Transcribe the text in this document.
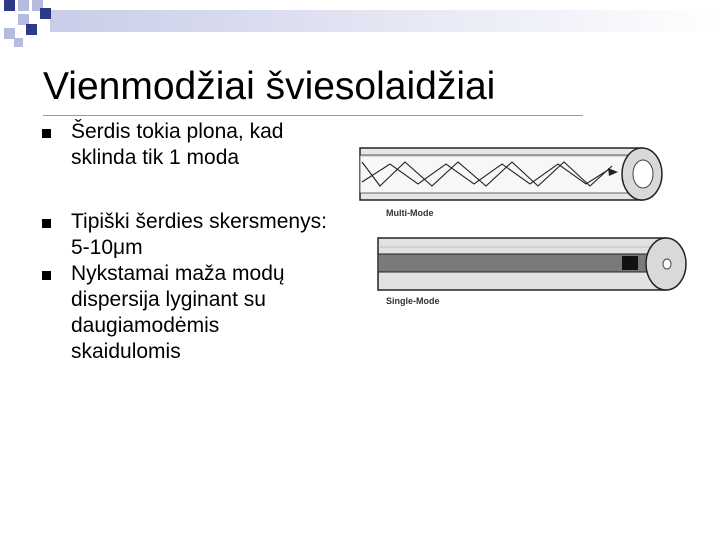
Vienmodžiai šviesolaidžiai
Šerdis tokia plona, kad sklinda tik 1 moda
Tipiški šerdies skersmenys: 5-10μm
Nykstamai maža modų dispersija lyginant su daugiamodėmis skaidulomis
Multi-Mode
Single-Mode
